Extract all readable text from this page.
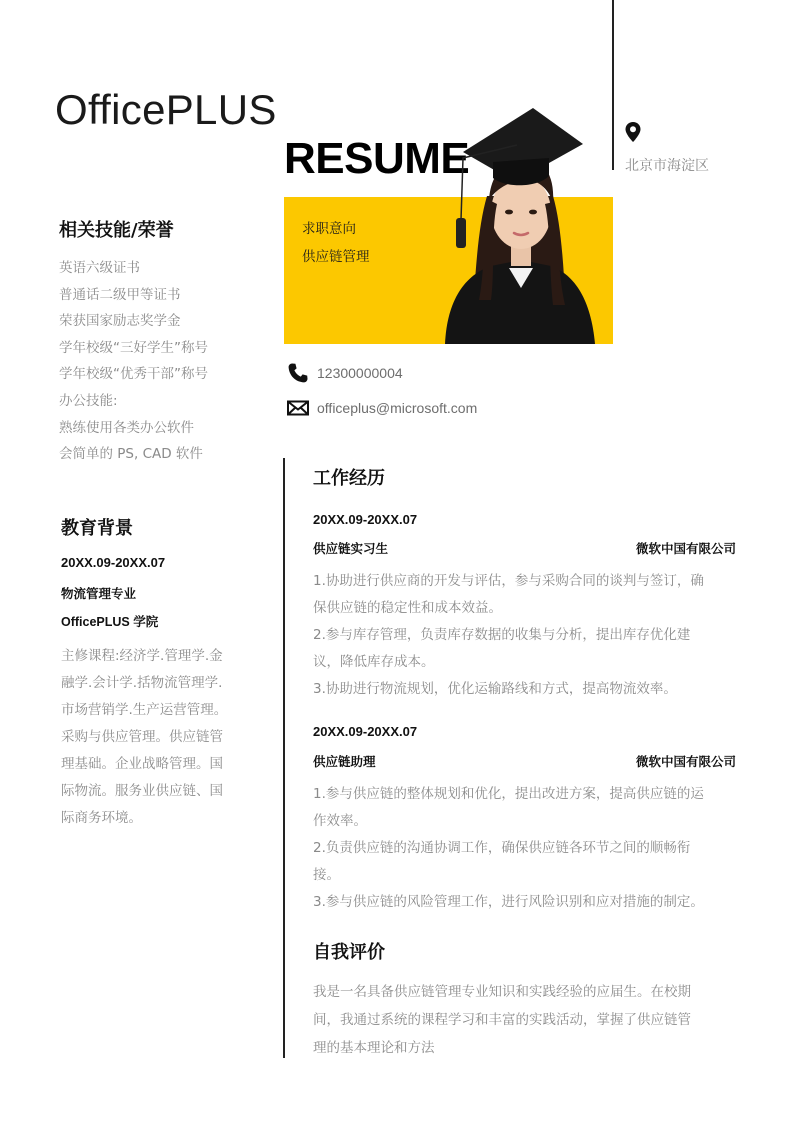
OfficePLUS
RESUME
求职意向
供应链管理
北京市海淀区
12300000004
officeplus@microsoft.com
相关技能/荣誉
英语六级证书
普通话二级甲等证书
荣获国家励志奖学金
学年校级“三好学生”称号
学年校级“优秀干部”称号
办公技能:
熟练使用各类办公软件
会简单的 PS, CAD 软件
教育背景
20XX.09-20XX.07
物流管理专业
OfficePLUS 学院
主修课程:经济学.管理学.金
融学.会计学.括物流管理学.
市场营销学.生产运营管理。
采购与供应管理。供应链管
理基础。企业战略管理。国
际物流。服务业供应链、国
际商务环境。
工作经历
20XX.09-20XX.07
供应链实习生	微软中国有限公司
1.协助进行供应商的开发与评估，参与采购合同的谈判与签订，确
保供应链的稳定性和成本效益。
2.参与库存管理，负责库存数据的收集与分析，提出库存优化建
议，降低库存成本。
3.协助进行物流规划，优化运输路线和方式，提高物流效率。
20XX.09-20XX.07
供应链助理	微软中国有限公司
1.参与供应链的整体规划和优化，提出改进方案，提高供应链的运
作效率。
2.负责供应链的沟通协调工作，确保供应链各环节之间的顺畅衔
接。
3.参与供应链的风险管理工作，进行风险识别和应对措施的制定。
自我评价
我是一名具备供应链管理专业知识和实践经验的应届生。在校期
间，我通过系统的课程学习和丰富的实践活动，掌握了供应链管
理的基本理论和方法
